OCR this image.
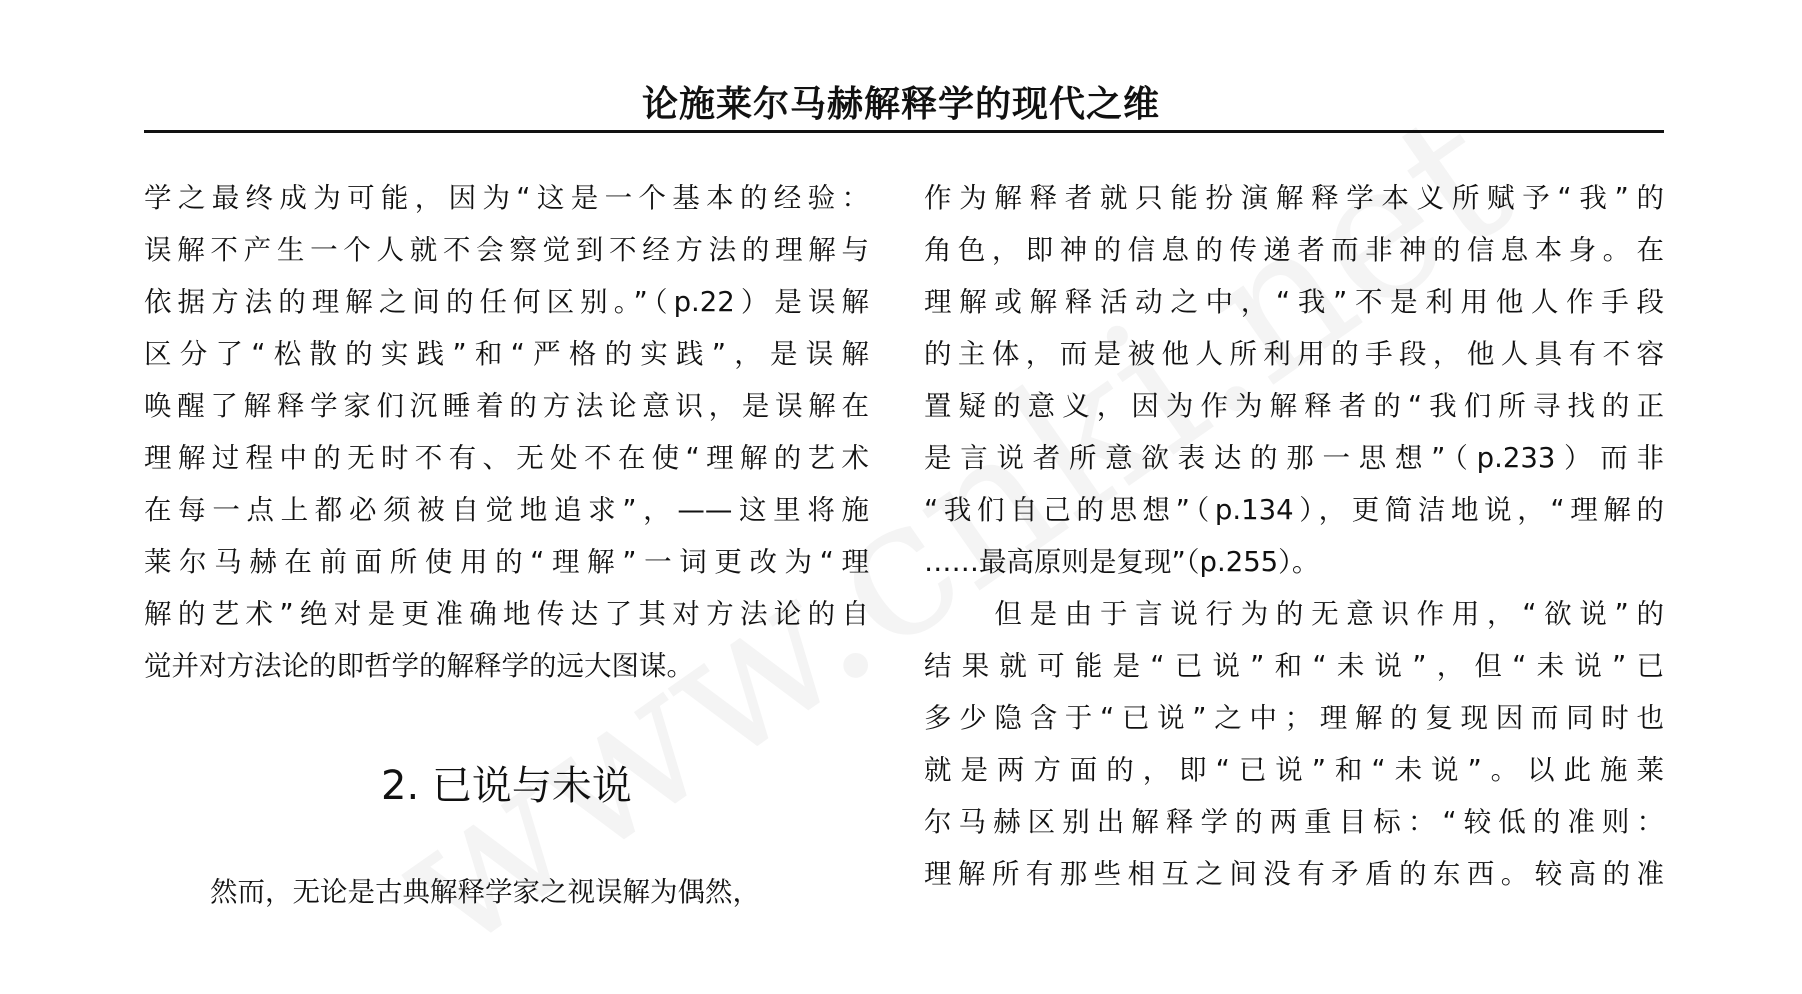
论施莱尔马赫解释学的现代之维
学之最终成为可能，因为“这是一个基本的经验：
误解不产生一个人就不会察觉到不经方法的理解与
依据方法的理解之间的任何区别。”（p.22）是误解
区分了“松散的实践”和“严格的实践”，是误解
唤醒了解释学家们沉睡着的方法论意识，是误解在
理解过程中的无时不有、无处不在使“理解的艺术
在每一点上都必须被自觉地追求”，——这里将施
莱尔马赫在前面所使用的“理解”一词更改为“理
解的艺术”绝对是更准确地传达了其对方法论的自
觉并对方法论的即哲学的解释学的远大图谋。
2. 已说与未说
然而，无论是古典解释学家之视误解为偶然，
作为解释者就只能扮演解释学本义所赋予“我”的
角色，即神的信息的传递者而非神的信息本身。在
理解或解释活动之中，“我”不是利用他人作手段
的主体，而是被他人所利用的手段，他人具有不容
置疑的意义，因为作为解释者的“我们所寻找的正
是言说者所意欲表达的那一思想”（p.233）而非
“我们自己的思想”（p.134），更简洁地说，“理解的
……最高原则是复现”（p.255）。
　　但是由于言说行为的无意识作用，“欲说”的
结果就可能是“已说”和“未说”，但“未说”已
多少隐含于“已说”之中；理解的复现因而同时也
就是两方面的，即“已说”和“未说”。以此施莱
尔马赫区别出解释学的两重目标：“较低的准则：
理解所有那些相互之间没有矛盾的东西。较高的准
